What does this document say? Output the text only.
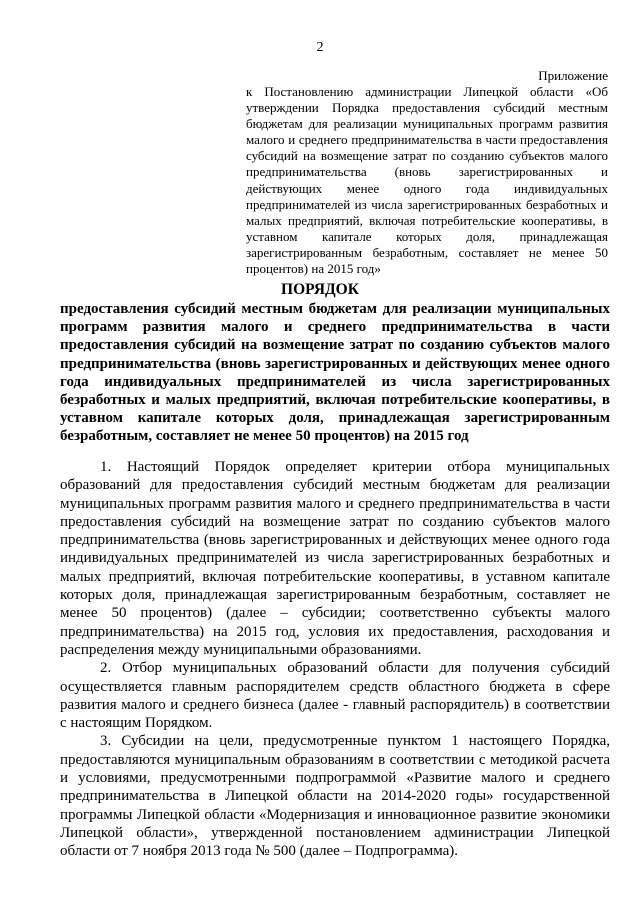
2
Приложение
к Постановлению администрации Липецкой области «Об утверждении Порядка предоставления субсидий местным бюджетам для реализации муниципальных программ развития малого и среднего предпринимательства в части предоставления субсидий на возмещение затрат по созданию субъектов малого предпринимательства (вновь зарегистрированных и действующих менее одного года индивидуальных предпринимателей из числа зарегистрированных безработных и малых предприятий, включая потребительские кооперативы, в уставном капитале которых доля, принадлежащая зарегистрированным безработным, составляет не менее 50 процентов) на 2015 год»
ПОРЯДОК
предоставления субсидий местным бюджетам для реализации муниципальных программ развития малого и среднего предпринимательства в части предоставления субсидий на возмещение затрат по созданию субъектов малого предпринимательства (вновь зарегистрированных и действующих менее одного года индивидуальных предпринимателей из числа зарегистрированных безработных и малых предприятий, включая потребительские кооперативы, в уставном капитале которых доля, принадлежащая зарегистрированным безработным, составляет не менее 50 процентов) на 2015 год

1. Настоящий Порядок определяет критерии отбора муниципальных образований для предоставления субсидий местным бюджетам для реализации муниципальных программ развития малого и среднего предпринимательства в части предоставления субсидий на возмещение затрат по созданию субъектов малого предпринимательства (вновь зарегистрированных и действующих менее одного года индивидуальных предпринимателей из числа зарегистрированных безработных и малых предприятий, включая потребительские кооперативы, в уставном капитале которых доля, принадлежащая зарегистрированным безработным, составляет не менее 50 процентов) (далее – субсидии; соответственно субъекты малого предпринимательства) на 2015 год, условия их предоставления, расходования и распределения между муниципальными образованиями.

2. Отбор муниципальных образований области для получения субсидий осуществляется главным распорядителем средств областного бюджета в сфере развития малого и среднего бизнеса (далее - главный распорядитель) в соответствии с настоящим Порядком.

3. Субсидии на цели, предусмотренные пунктом 1 настоящего Порядка, предоставляются муниципальным образованиям в соответствии с методикой расчета и условиями, предусмотренными подпрограммой «Развитие малого и среднего предпринимательства в Липецкой области на 2014-2020 годы» государственной программы Липецкой области «Модернизация и инновационное развитие экономики Липецкой области», утвержденной постановлением администрации Липецкой области от 7 ноября 2013 года № 500 (далее – Подпрограмма).
